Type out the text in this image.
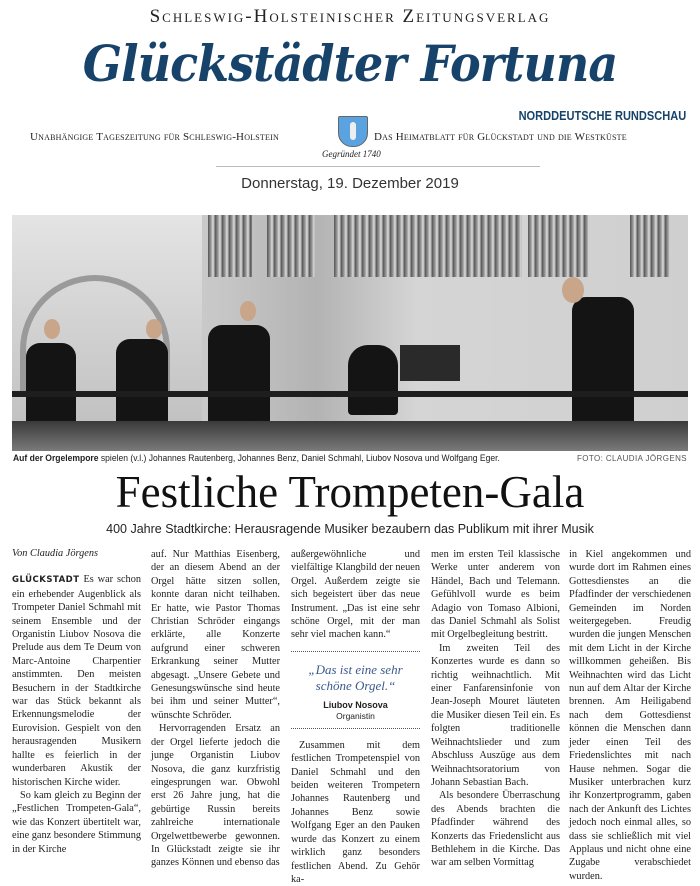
Schleswig-Holsteinischer Zeitungsverlag
Glückstädter Fortuna
NORDDEUTSCHE RUNDSCHAU
Unabhängige Tageszeitung für Schleswig-Holstein	Das Heimatblatt für Glückstadt und die Westküste
Gegründet 1740
Donnerstag, 19. Dezember 2019
Auf der Orgelempore spielen (v.l.) Johannes Rautenberg, Johannes Benz, Daniel Schmahl, Liubov Nosova und Wolfgang Eger.	FOTO: CLAUDIA JÖRGENS
Festliche Trompeten-Gala
400 Jahre Stadtkirche: Herausragende Musiker bezaubern das Publikum mit ihrer Musik

Von Claudia Jörgens

GLÜCKSTADT Es war schon ein erhebender Augenblick als Trompeter Daniel Schmahl mit seinem Ensemble und der Organistin Liubov Nosova die Prelude aus dem Te Deum von Marc-Antoine Charpentier anstimmten. Den meisten Besuchern in der Stadtkirche war das Stück bekannt als Erkennungsmelodie der Eurovision. Gespielt von den herausragenden Musikern hallte es feierlich in der wunderbaren Akustik der historischen Kirche wider.

So kam gleich zu Beginn der „Festlichen Trompeten-Gala“, wie das Konzert übertitelt war, eine ganz besondere Stimmung in der Kirche

auf. Nur Matthias Eisenberg, der an diesem Abend an der Orgel hätte sitzen sollen, konnte daran nicht teilhaben. Er hatte, wie Pastor Thomas Christian Schröder eingangs erklärte, alle Konzerte aufgrund einer schweren Erkrankung seiner Mutter abgesagt. „Unsere Gebete und Genesungswünsche sind heute bei ihm und seiner Mutter“, wünschte Schröder.

Hervorragenden Ersatz an der Orgel lieferte jedoch die junge Organistin Liubov Nosova, die ganz kurzfristig eingesprungen war. Obwohl erst 26 Jahre jung, hat die gebürtige Russin bereits zahlreiche internationale Orgelwettbewerbe gewonnen. In Glückstadt zeigte sie ihr ganzes Können und ebenso das

außergewöhnliche und vielfältige Klangbild der neuen Orgel. Außerdem zeigte sie sich begeistert über das neue Instrument. „Das ist eine sehr schöne Orgel, mit der man sehr viel machen kann.“

„Das ist eine sehr schöne Orgel.“
Liubov Nosova
Organistin

Zusammen mit dem festlichen Trompetenspiel von Daniel Schmahl und den beiden weiteren Trompetern Johannes Rautenberg und Johannes Benz sowie Wolfgang Eger an den Pauken wurde das Konzert zu einem wirklich ganz besonders festlichen Abend. Zu Gehör ka-

men im ersten Teil klassische Werke unter anderem von Händel, Bach und Telemann. Gefühlvoll wurde es beim Adagio von Tomaso Albioni, das Daniel Schmahl als Solist mit Orgelbegleitung bestritt.

Im zweiten Teil des Konzertes wurde es dann so richtig weihnachtlich. Mit einer Fanfarensinfonie von Jean-Joseph Mouret läuteten die Musiker diesen Teil ein. Es folgten traditionelle Weihnachtslieder und zum Abschluss Auszüge aus dem Weihnachtsoratorium von Johann Sebastian Bach.

Als besondere Überraschung des Abends brachten die Pfadfinder während des Konzerts das Friedenslicht aus Bethlehem in die Kirche. Das war am selben Vormittag

in Kiel angekommen und wurde dort im Rahmen eines Gottesdienstes an die Pfadfinder der verschiedenen Gemeinden im Norden weitergegeben. Freudig wurden die jungen Menschen mit dem Licht in der Kirche willkommen geheißen. Bis Weihnachten wird das Licht nun auf dem Altar der Kirche brennen. Am Heiligabend nach dem Gottesdienst können die Menschen dann jeder einen Teil des Friedenslichtes mit nach Hause nehmen. Sogar die Musiker unterbrachen kurz ihr Konzertprogramm, gaben nach der Ankunft des Lichtes jedoch noch einmal alles, so dass sie schließlich mit viel Applaus und nicht ohne eine Zugabe verabschiedet wurden.
